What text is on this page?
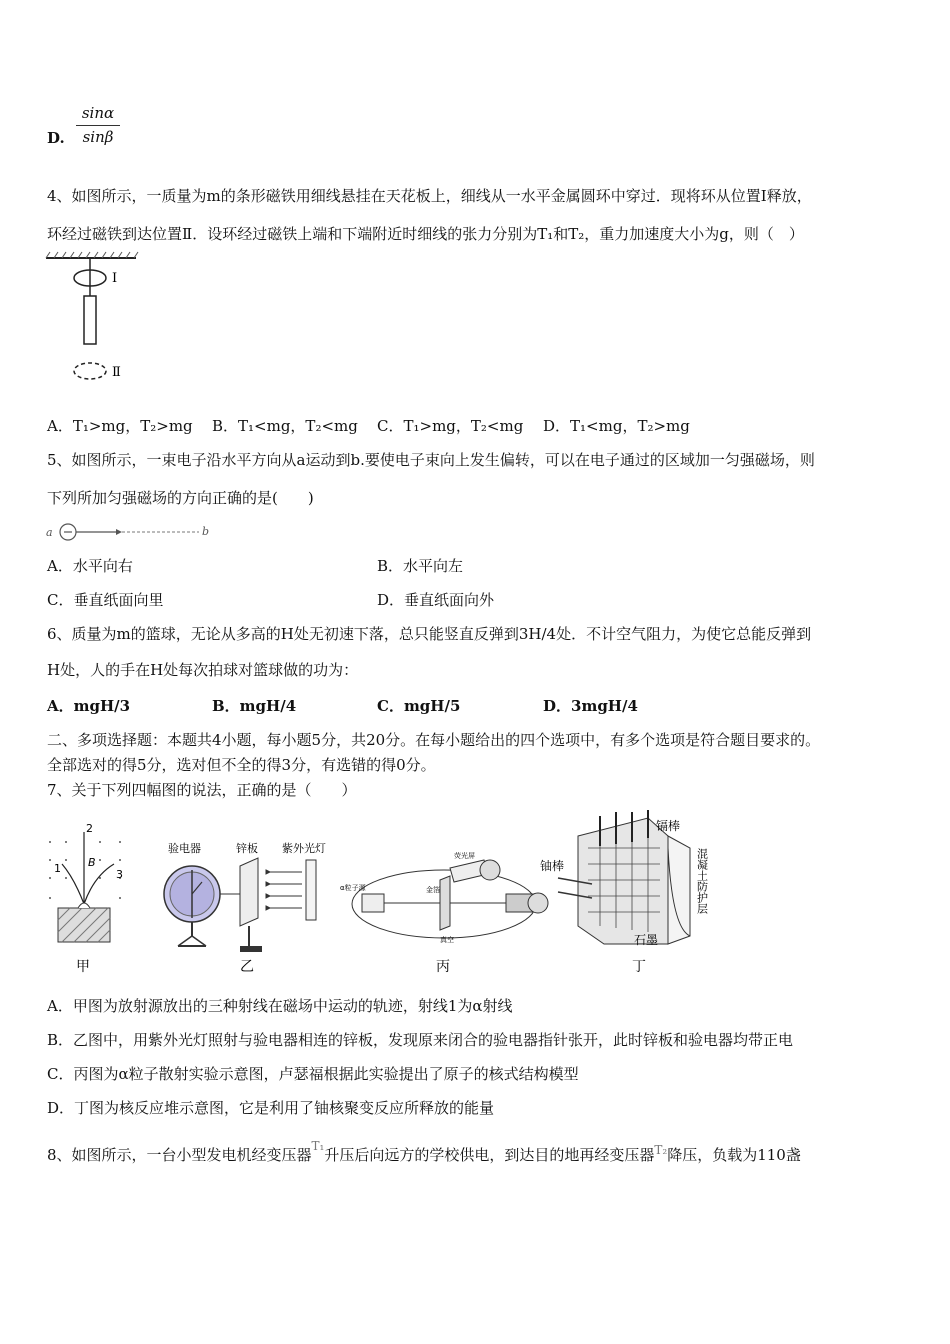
D.
sinα
sinβ
4、如图所示，一质量为m的条形磁铁用细线悬挂在天花板上，细线从一水平金属圆环中穿过．现将环从位置Ⅰ释放，
环经过磁铁到达位置Ⅱ．设环经过磁铁上端和下端附近时细线的张力分别为T₁和T₂，重力加速度大小为g，则（　）
Ⅰ
Ⅱ
A．T₁>mg，T₂>mg B．T₁<mg，T₂<mg C．T₁>mg，T₂<mg D．T₁<mg，T₂>mg
5、如图所示，一束电子沿水平方向从a运动到b.要使电子束向上发生偏转，可以在电子通过的区域加一匀强磁场，则
下列所加匀强磁场的方向正确的是(　　)
a	b
A．水平向右	B．水平向左
C．垂直纸面向里	D．垂直纸面向外
6、质量为m的篮球，无论从多高的H处无初速下落，总只能竖直反弹到3H/4处．不计空气阻力，为使它总能反弹到
H处，人的手在H处每次拍球对篮球做的功为：
A．mgH/3	B．mgH/4	C．mgH/5	D．3mgH/4
二、多项选择题：本题共4小题，每小题5分，共20分。在每小题给出的四个选项中，有多个选项是符合题目要求的。
全部选对的得5分，选对但不全的得3分，有选错的得0分。
7、关于下列四幅图的说法，正确的是（　　）
2
1	3
B
甲
验电器	锌板 紫外光灯
乙
α粒子源
荧光屏
金箔
真空
丙
镉棒
铀棒	混凝土防护层
石墨
丁
A．甲图为放射源放出的三种射线在磁场中运动的轨迹，射线1为α射线
B．乙图中，用紫外光灯照射与验电器相连的锌板，发现原来闭合的验电器指针张开，此时锌板和验电器均带正电
C．丙图为α粒子散射实验示意图，卢瑟福根据此实验提出了原子的核式结构模型
D．丁图为核反应堆示意图，它是利用了铀核聚变反应所释放的能量
8、如图所示，一台小型发电机经变压器$^{T_1}$升压后向远方的学校供电，到达目的地再经变压器$^{T_2}$降压，负载为110盏
